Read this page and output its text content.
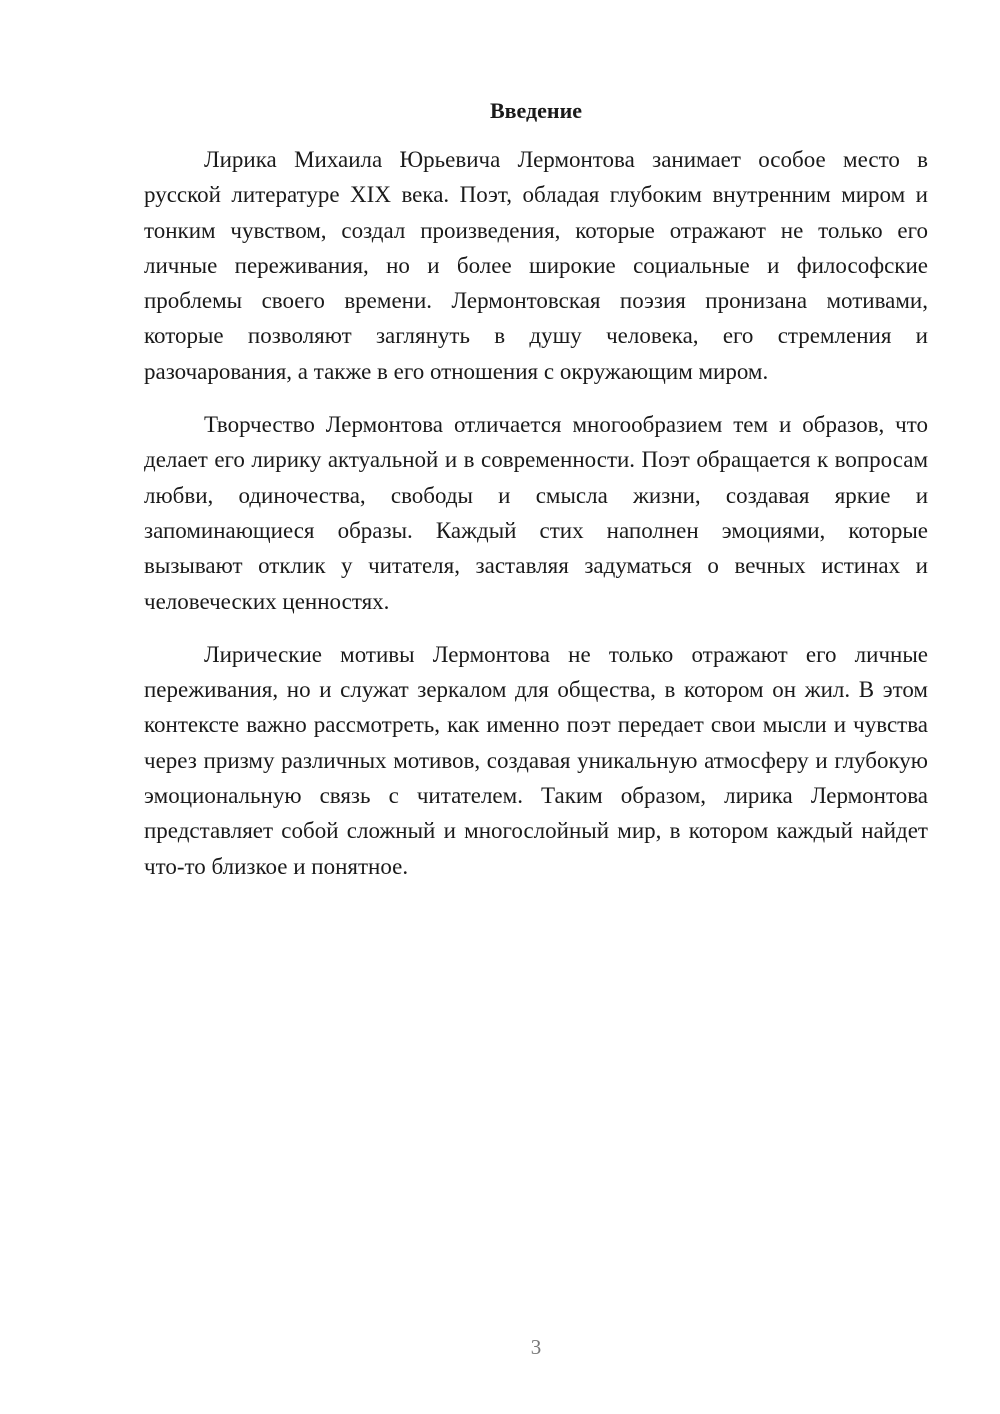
Введение

Лирика Михаила Юрьевича Лермонтова занимает особое место в русской литературе XIX века. Поэт, обладая глубоким внутренним миром и тонким чувством, создал произведения, которые отражают не только его личные переживания, но и более широкие социальные и философские проблемы своего времени. Лермонтовская поэзия пронизана мотивами, которые позволяют заглянуть в душу человека, его стремления и разочарования, а также в его отношения с окружающим миром.

Творчество Лермонтова отличается многообразием тем и образов, что делает его лирику актуальной и в современности. Поэт обращается к вопросам любви, одиночества, свободы и смысла жизни, создавая яркие и запоминающиеся образы. Каждый стих наполнен эмоциями, которые вызывают отклик у читателя, заставляя задуматься о вечных истинах и человеческих ценностях.

Лирические мотивы Лермонтова не только отражают его личные переживания, но и служат зеркалом для общества, в котором он жил. В этом контексте важно рассмотреть, как именно поэт передает свои мысли и чувства через призму различных мотивов, создавая уникальную атмосферу и глубокую эмоциональную связь с читателем. Таким образом, лирика Лермонтова представляет собой сложный и многослойный мир, в котором каждый найдет что-то близкое и понятное.

3
